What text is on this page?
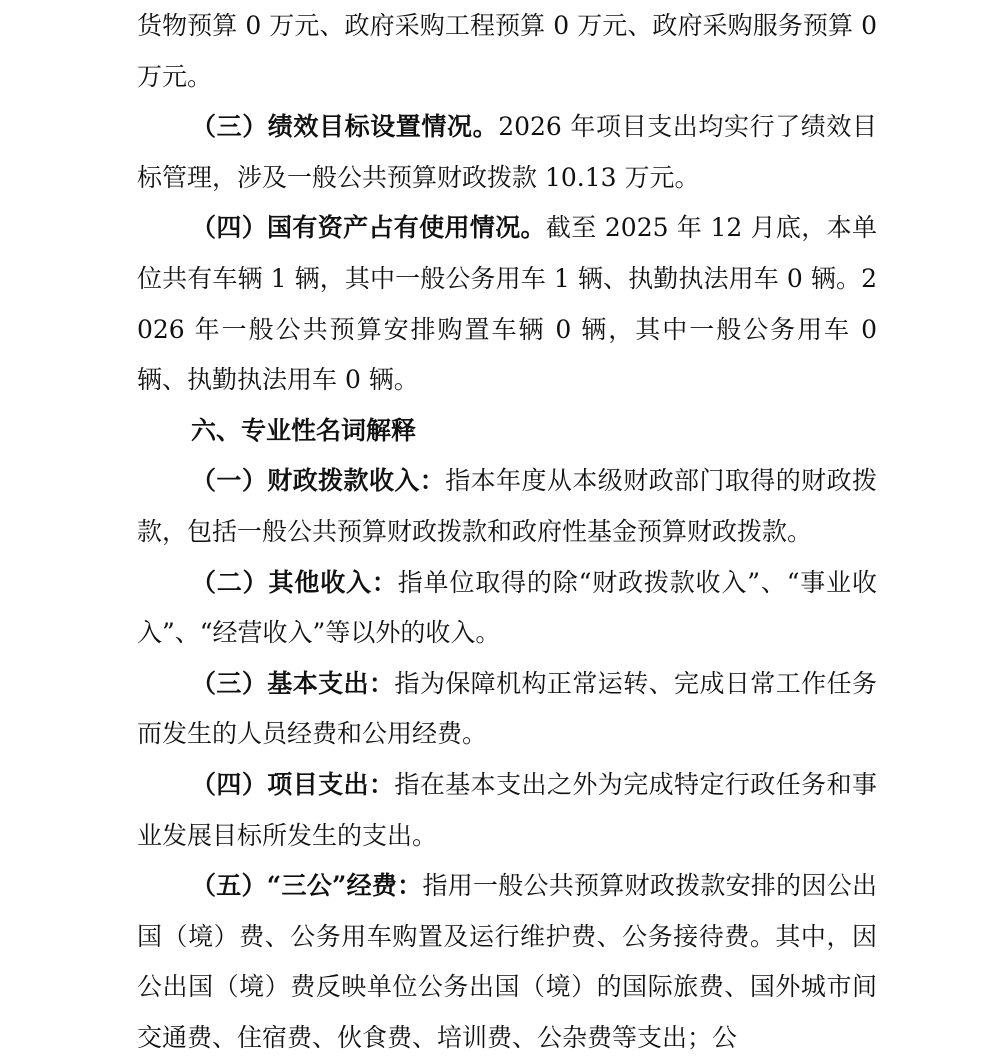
货物预算 0 万元、政府采购工程预算 0 万元、政府采购服务预算 0 万元。

（三）绩效目标设置情况。2026 年项目支出均实行了绩效目标管理，涉及一般公共预算财政拨款 10.13 万元。

（四）国有资产占有使用情况。截至 2025 年 12 月底，本单位共有车辆 1 辆，其中一般公务用车 1 辆、执勤执法用车 0 辆。2026 年一般公共预算安排购置车辆 0 辆，其中一般公务用车 0 辆、执勤执法用车 0 辆。

六、专业性名词解释

（一）财政拨款收入：指本年度从本级财政部门取得的财政拨款，包括一般公共预算财政拨款和政府性基金预算财政拨款。

（二）其他收入：指单位取得的除“财政拨款收入”、“事业收入”、“经营收入”等以外的收入。

（三）基本支出：指为保障机构正常运转、完成日常工作任务而发生的人员经费和公用经费。

（四）项目支出：指在基本支出之外为完成特定行政任务和事业发展目标所发生的支出。

（五）“三公”经费：指用一般公共预算财政拨款安排的因公出国（境）费、公务用车购置及运行维护费、公务接待费。其中，因公出国（境）费反映单位公务出国（境）的国际旅费、国外城市间交通费、住宿费、伙食费、培训费、公杂费等支出；公
